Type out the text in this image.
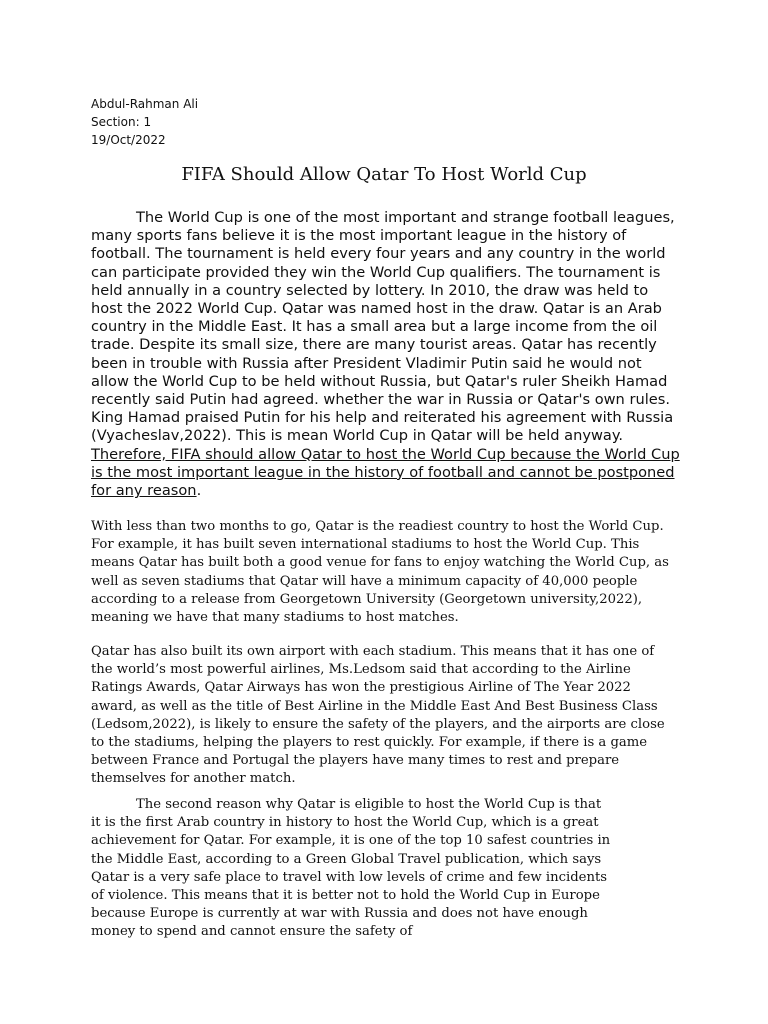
Abdul-Rahman Ali
Section: 1
19/Oct/2022
FIFA Should Allow Qatar To Host World Cup
The World Cup is one of the most important and strange football leagues, many sports fans believe it is the most important league in the history of football. The tournament is held every four years and any country in the world can participate provided they win the World Cup qualifiers. The tournament is held annually in a country selected by lottery. In 2010, the draw was held to host the 2022 World Cup. Qatar was named host in the draw. Qatar is an Arab country in the Middle East. It has a small area but a large income from the oil trade. Despite its small size, there are many tourist areas. Qatar has recently been in trouble with Russia after President Vladimir Putin said he would not allow the World Cup to be held without Russia, but Qatar's ruler Sheikh Hamad recently said Putin had agreed. whether the war in Russia or Qatar's own rules. King Hamad praised Putin for his help and reiterated his agreement with Russia (Vyacheslav,2022). This is mean World Cup in Qatar will be held anyway. Therefore, FIFA should allow Qatar to host the World Cup because the World Cup is the most important league in the history of football and cannot be postponed for any reason.
With less than two months to go, Qatar is the readiest country to host the World Cup. For example, it has built seven international stadiums to host the World Cup. This means Qatar has built both a good venue for fans to enjoy watching the World Cup, as well as seven stadiums that Qatar will have a minimum capacity of 40,000 people according to a release from Georgetown University (Georgetown university,2022), meaning we have that many stadiums to host matches.
Qatar has also built its own airport with each stadium. This means that it has one of the world’s most powerful airlines, Ms.Ledsom said that according to the Airline Ratings Awards, Qatar Airways has won the prestigious Airline of The Year 2022 award, as well as the title of Best Airline in the Middle East And Best Business Class (Ledsom,2022), is likely to ensure the safety of the players, and the airports are close to the stadiums, helping the players to rest quickly. For example, if there is a game between France and Portugal the players have many times to rest and prepare themselves for another match.
The second reason why Qatar is eligible to host the World Cup is that it is the first Arab country in history to host the World Cup, which is a great achievement for Qatar. For example, it is one of the top 10 safest countries in the Middle East, according to a Green Global Travel publication, which says Qatar is a very safe place to travel with low levels of crime and few incidents of violence. This means that it is better not to hold the World Cup in Europe because Europe is currently at war with Russia and does not have enough money to spend and cannot ensure the safety of
